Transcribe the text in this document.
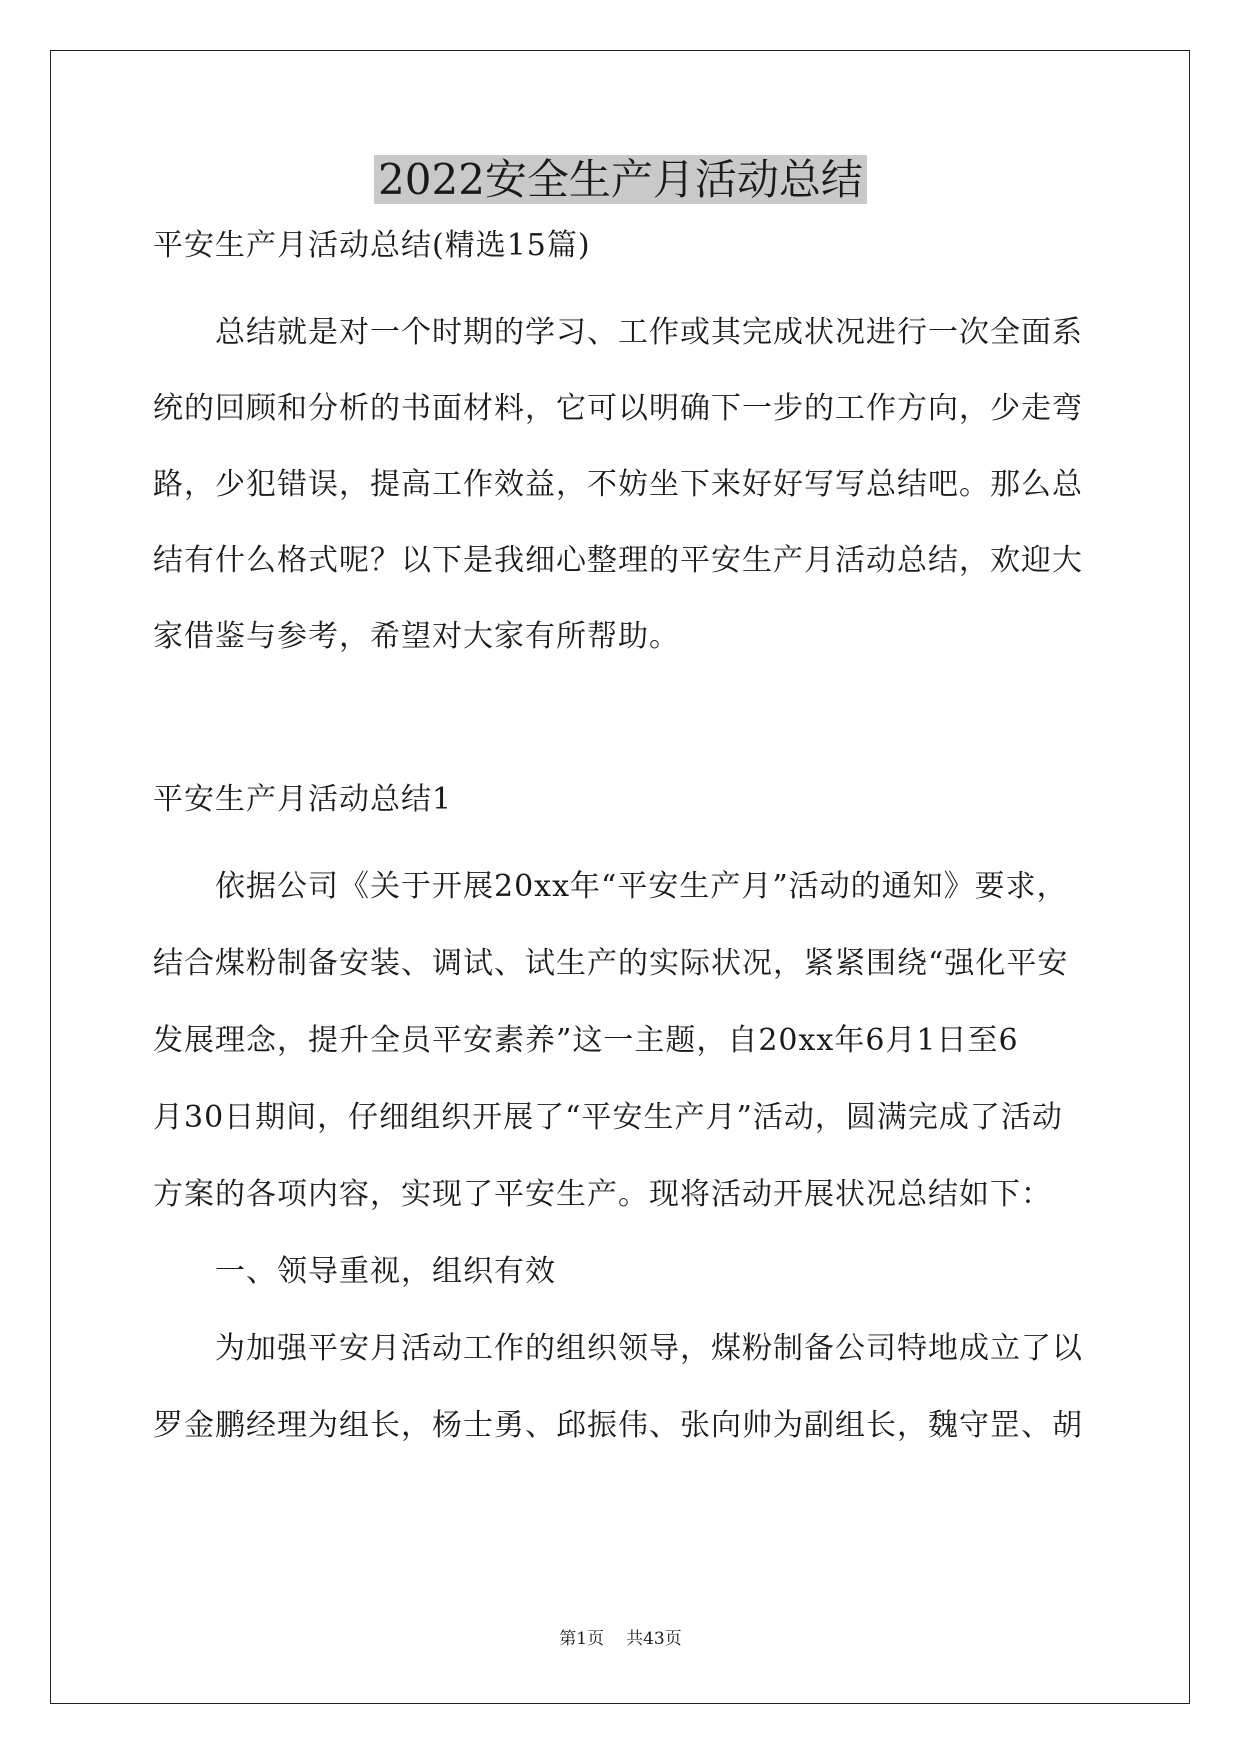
2022安全生产月活动总结
平安生产月活动总结(精选15篇)
总结就是对一个时期的学习、工作或其完成状况进行一次全面系
统的回顾和分析的书面材料，它可以明确下一步的工作方向，少走弯
路，少犯错误，提高工作效益，不妨坐下来好好写写总结吧。那么总
结有什么格式呢？以下是我细心整理的平安生产月活动总结，欢迎大
家借鉴与参考，希望对大家有所帮助。
平安生产月活动总结1
依据公司《关于开展20xx年“平安生产月”活动的通知》要求，
结合煤粉制备安装、调试、试生产的实际状况，紧紧围绕“强化平安
发展理念，提升全员平安素养”这一主题，自20xx年6月1日至6
月30日期间，仔细组织开展了“平安生产月”活动，圆满完成了活动
方案的各项内容，实现了平安生产。现将活动开展状况总结如下：
一、领导重视，组织有效
为加强平安月活动工作的组织领导，煤粉制备公司特地成立了以
罗金鹏经理为组长，杨士勇、邱振伟、张向帅为副组长，魏守罡、胡
第1页 共43页
